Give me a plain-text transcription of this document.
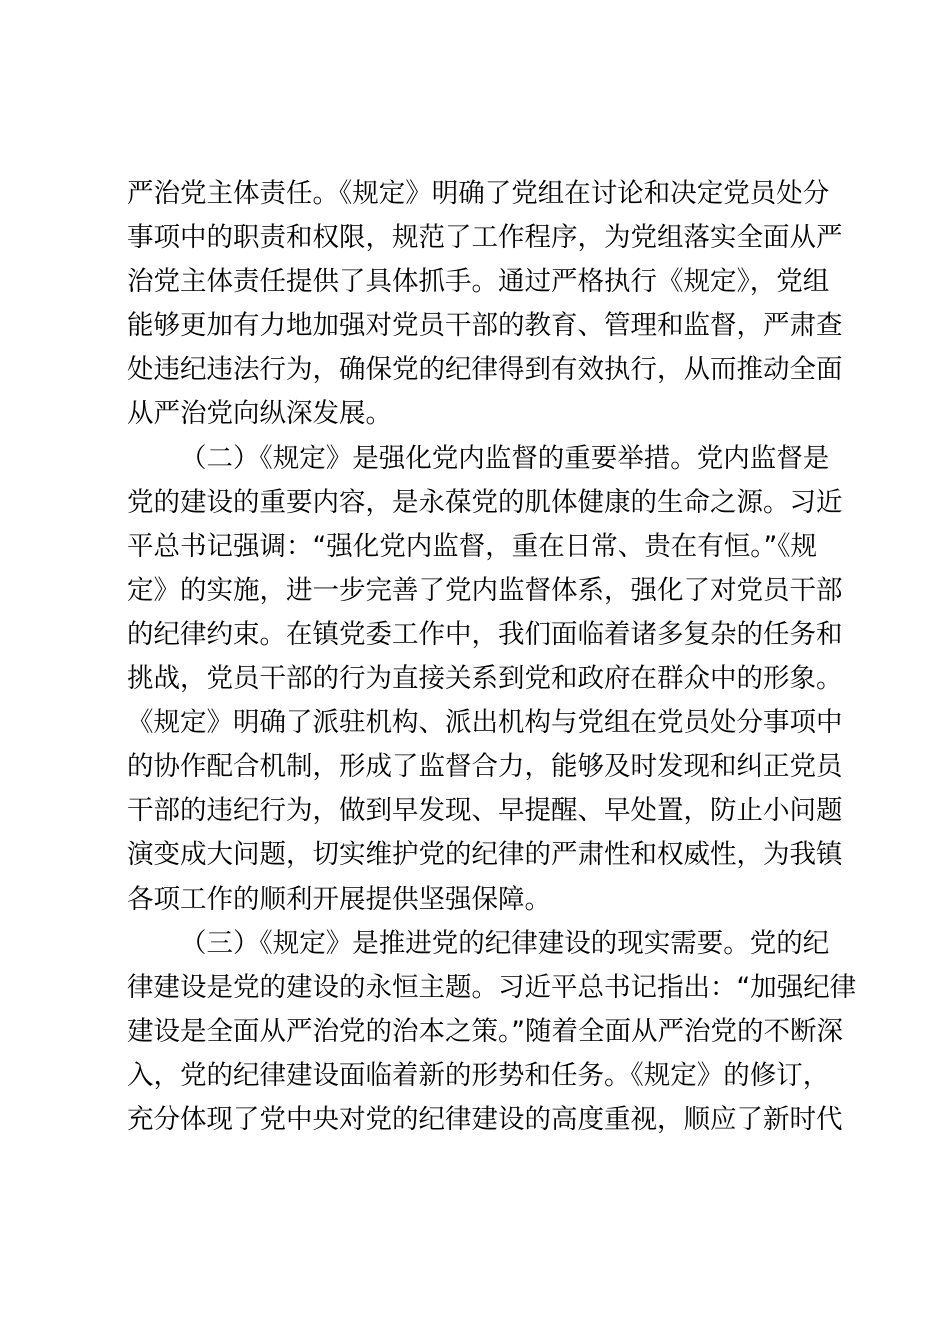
严治党主体责任。《规定》明确了党组在讨论和决定党员处分
事项中的职责和权限，规范了工作程序，为党组落实全面从严
治党主体责任提供了具体抓手。通过严格执行《规定》，党组
能够更加有力地加强对党员干部的教育、管理和监督，严肃查
处违纪违法行为，确保党的纪律得到有效执行，从而推动全面
从严治党向纵深发展。
（二）《规定》是强化党内监督的重要举措。党内监督是
党的建设的重要内容，是永葆党的肌体健康的生命之源。习近
平总书记强调：“强化党内监督，重在日常、贵在有恒。”《规
定》的实施，进一步完善了党内监督体系，强化了对党员干部
的纪律约束。在镇党委工作中，我们面临着诸多复杂的任务和
挑战，党员干部的行为直接关系到党和政府在群众中的形象。
《规定》明确了派驻机构、派出机构与党组在党员处分事项中
的协作配合机制，形成了监督合力，能够及时发现和纠正党员
干部的违纪行为，做到早发现、早提醒、早处置，防止小问题
演变成大问题，切实维护党的纪律的严肃性和权威性，为我镇
各项工作的顺利开展提供坚强保障。
（三）《规定》是推进党的纪律建设的现实需要。党的纪
律建设是党的建设的永恒主题。习近平总书记指出：“加强纪律
建设是全面从严治党的治本之策。”随着全面从严治党的不断深
入，党的纪律建设面临着新的形势和任务。《规定》的修订，
充分体现了党中央对党的纪律建设的高度重视，顺应了新时代
